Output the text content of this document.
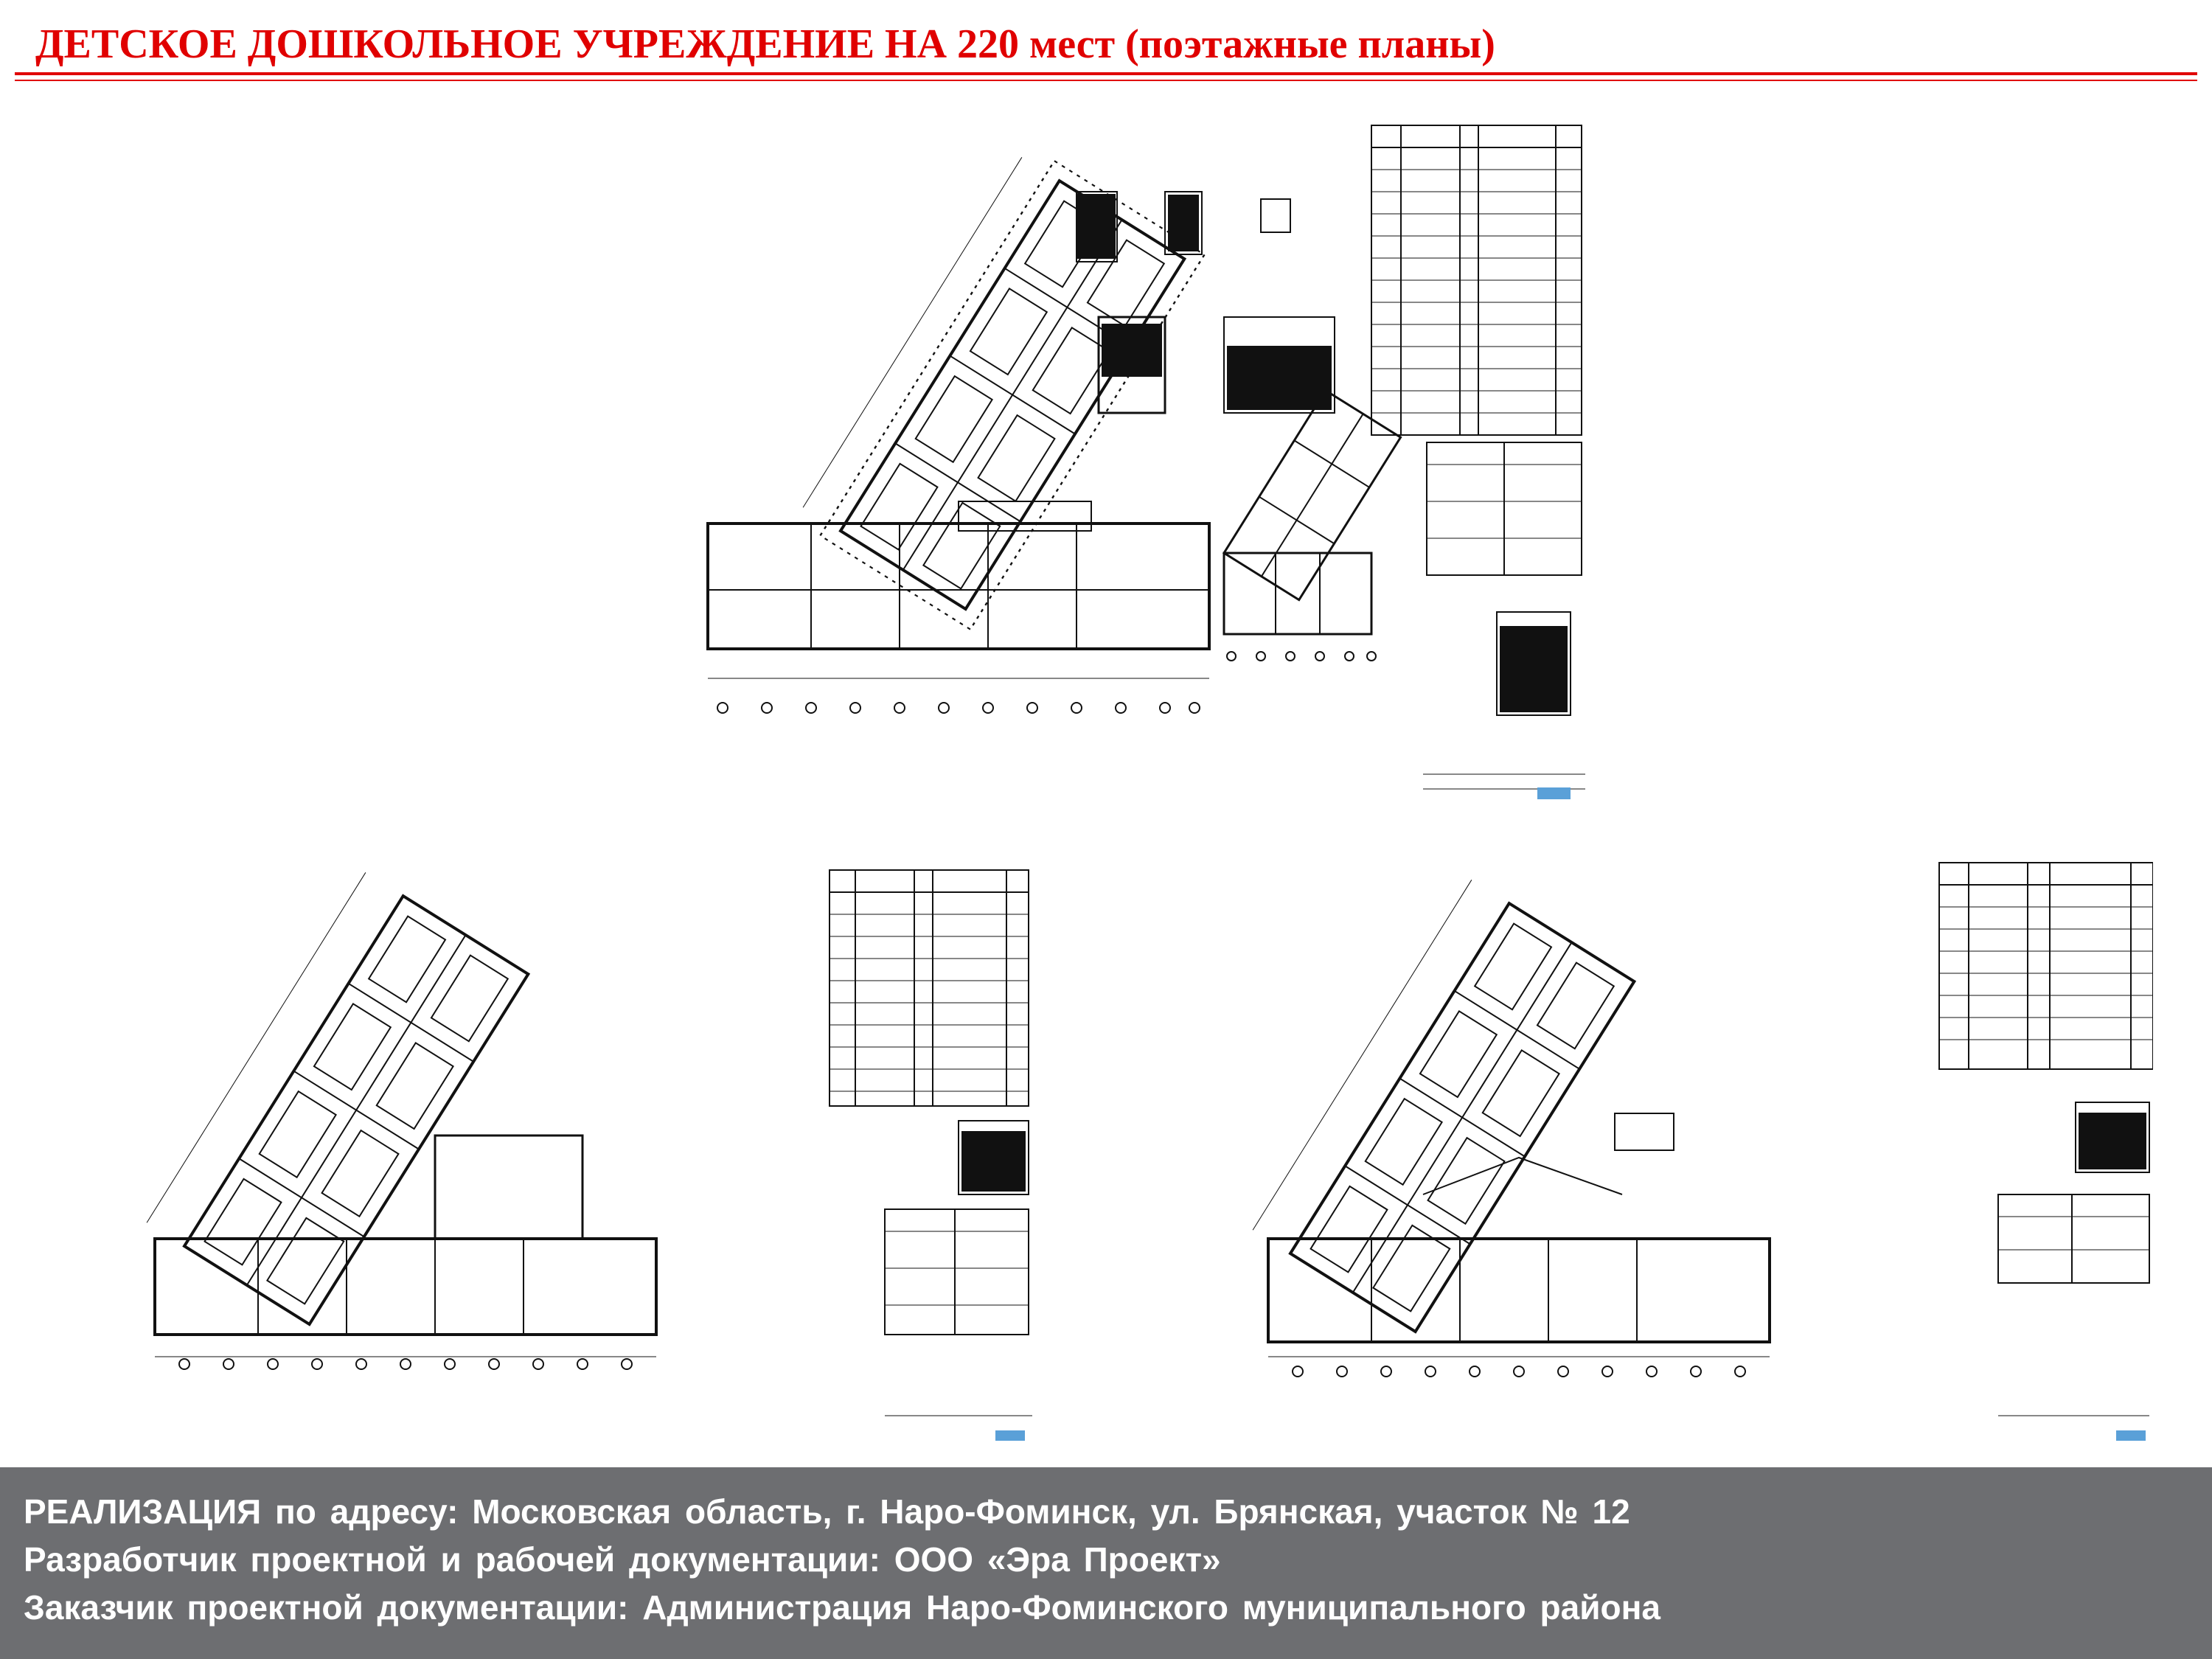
ДЕТСКОЕ ДОШКОЛЬНОЕ УЧРЕЖДЕНИЕ НА 220 мест (поэтажные планы)
РЕАЛИЗАЦИЯ по адресу: Московская область, г. Наро-Фоминск, ул. Брянская, участок № 12
Разработчик проектной и рабочей документации: ООО «Эра Проект»
Заказчик проектной документации: Администрация Наро-Фоминского муниципального района
